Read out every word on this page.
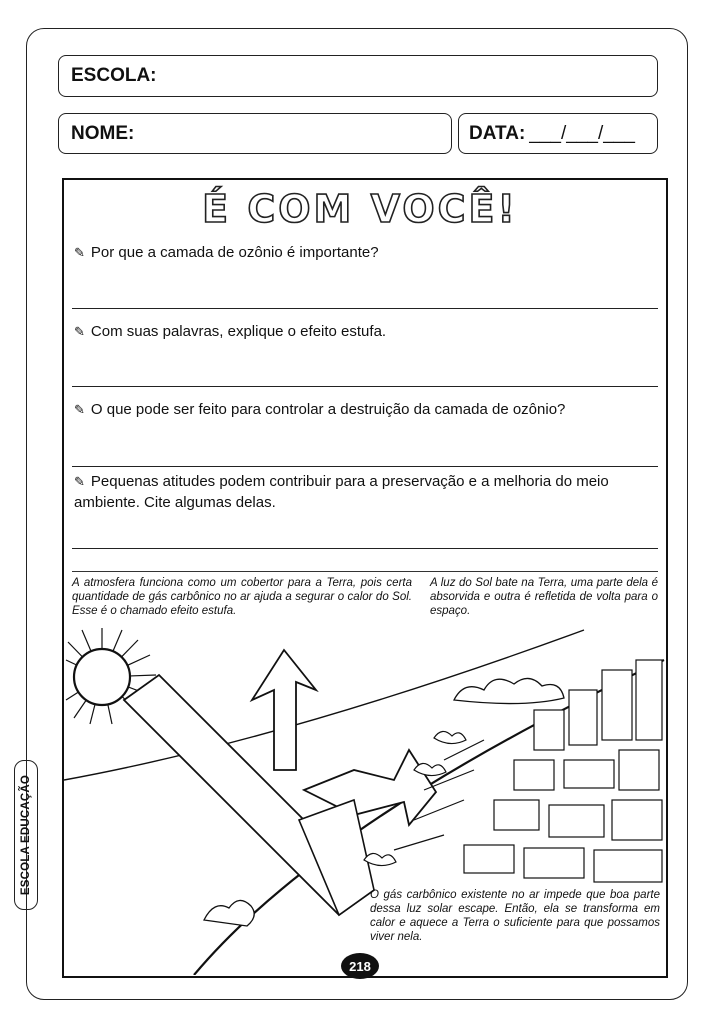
ESCOLA:
NOME:	DATA: ___/___/___
É COM VOCÊ!
✎ Por que a camada de ozônio é importante?
✎ Com suas palavras, explique o efeito estufa.
✎ O que pode ser feito para controlar a destruição da camada de ozônio?
✎ Pequenas atitudes podem contribuir para a preservação e a melhoria do meio ambiente. Cite algumas delas.
A atmosfera funciona como um cobertor para a Terra, pois certa quantidade de gás carbônico no ar ajuda a segurar o calor do Sol. Esse é o chamado efeito estufa.
A luz do Sol bate na Terra, uma parte dela é absorvida e outra é refletida de volta para o espaço.
O gás carbônico existente no ar impede que boa parte dessa luz solar escape. Então, ela se transforma em calor e aquece a Terra o suficiente para que possamos viver nela.
218
ESCOLA EDUCAÇÃO
